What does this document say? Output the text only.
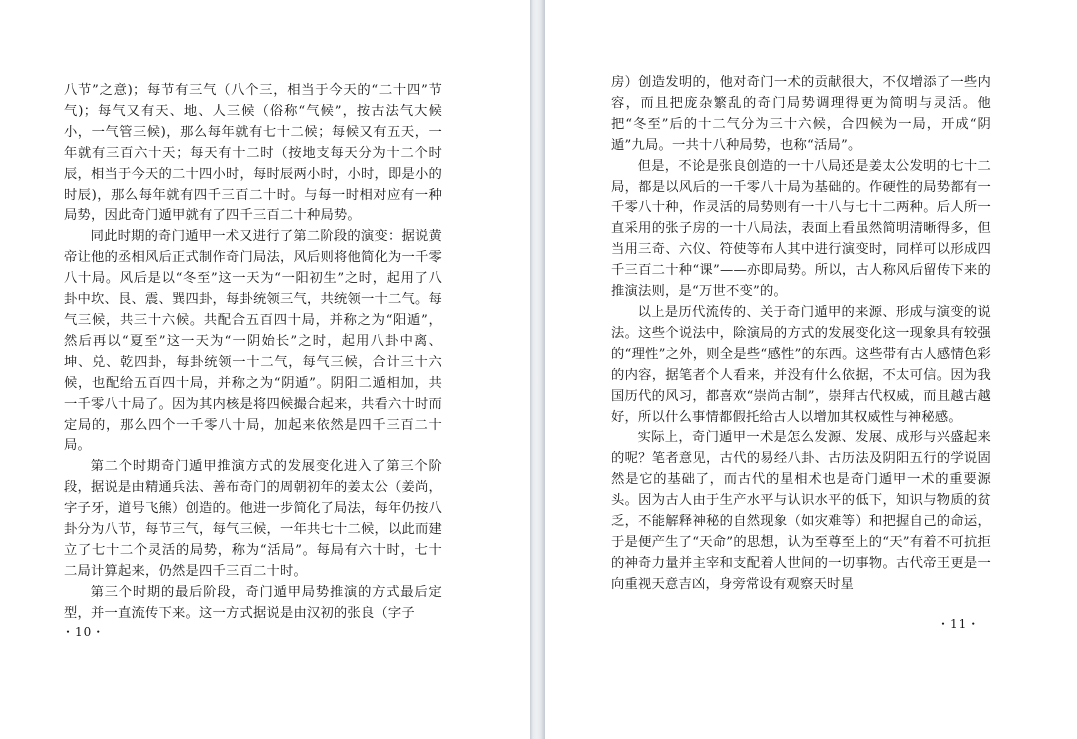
八节”之意)；每节有三气（八个三，相当于今天的“二十四”节气)；每气又有天、地、人三候（俗称“气候”，按古法气大候小，一气管三候)，那么每年就有七十二候；每候又有五天，一年就有三百六十天；每天有十二时（按地支每天分为十二个时辰，相当于今天的二十四小时，每时辰两小时，小时，即是小的时辰)，那么每年就有四千三百二十时。与每一时相对应有一种局势，因此奇门遁甲就有了四千三百二十种局势。

同此时期的奇门遁甲一术又进行了第二阶段的演变：据说黄帝让他的丞相风后正式制作奇门局法，风后则将他简化为一千零八十局。风后是以“冬至”这一天为“一阳初生”之时，起用了八卦中坎、艮、震、巽四卦，每卦统领三气，共统领一十二气。每气三候，共三十六候。共配合五百四十局，并称之为“阳遁”，然后再以“夏至”这一天为“一阴始长”之时，起用八卦中离、坤、兑、乾四卦，每卦统领一十二气，每气三候，合计三十六候，也配给五百四十局，并称之为“阴遁”。阴阳二遁相加，共一千零八十局了。因为其内核是将四候撮合起来，共看六十时而定局的，那么四个一千零八十局，加起来依然是四千三百二十局。

第二个时期奇门遁甲推演方式的发展变化进入了第三个阶段，据说是由精通兵法、善布奇门的周朝初年的姜太公（姜尚，字子牙，道号飞熊）创造的。他进一步简化了局法，每年仍按八卦分为八节，每节三气，每气三候，一年共七十二候，以此而建立了七十二个灵活的局势，称为“活局”。每局有六十时，七十二局计算起来，仍然是四千三百二十时。

第三个时期的最后阶段，奇门遁甲局势推演的方式最后定型，并一直流传下来。这一方式据说是由汉初的张良（字子

・10・

房）创造发明的，他对奇门一术的贡献很大，不仅增添了一些内容，而且把庞杂繁乱的奇门局势调理得更为简明与灵活。他把“冬至”后的十二气分为三十六候，合四候为一局，开成“阴遁”九局。一共十八种局势，也称“活局”。

但是，不论是张良创造的一十八局还是姜太公发明的七十二局，都是以风后的一千零八十局为基础的。作硬性的局势都有一千零八十种，作灵活的局势则有一十八与七十二两种。后人所一直采用的张子房的一十八局法，表面上看虽然简明清晰得多，但当用三奇、六仪、符使等布人其中进行演变时，同样可以形成四千三百二十种“课”——亦即局势。所以，古人称风后留传下来的推演法则，是“万世不变”的。

以上是历代流传的、关于奇门遁甲的来源、形成与演变的说法。这些个说法中，除演局的方式的发展变化这一现象具有较强的“理性”之外，则全是些“感性”的东西。这些带有古人感情色彩的内容，据笔者个人看来，并没有什么依据，不太可信。因为我国历代的风习，都喜欢“崇尚古制”，崇拜古代权威，而且越古越好，所以什么事情都假托给古人以增加其权威性与神秘感。

实际上，奇门遁甲一术是怎么发源、发展、成形与兴盛起来的呢？笔者意见，古代的易经八卦、古历法及阴阳五行的学说固然是它的基础了，而古代的星相术也是奇门遁甲一术的重要源头。因为古人由于生产水平与认识水平的低下，知识与物质的贫乏，不能解释神秘的自然现象（如灾难等）和把握自己的命运，于是便产生了“天命”的思想，认为至尊至上的“天”有着不可抗拒的神奇力量并主宰和支配着人世间的一切事物。古代帝王更是一向重视天意吉凶，身旁常设有观察天时星

・11・
